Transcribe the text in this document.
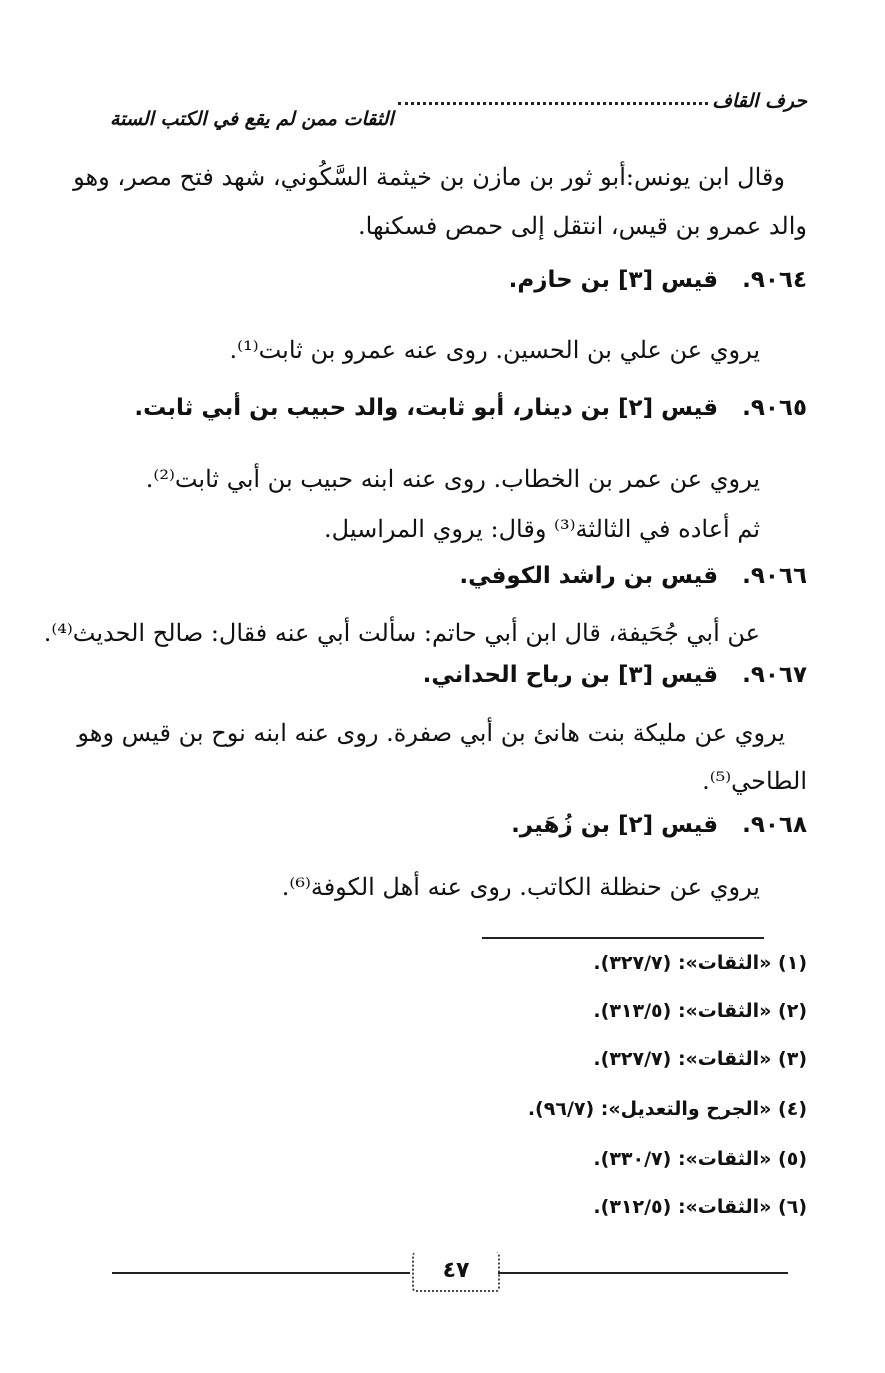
حرف القاف
الثقات ممن لم يقع في الكتب الستة
وقال ابن يونس:أبو ثور بن مازن بن خيثمة السَّكُوني، شهد فتح مصر، وهو
والد عمرو بن قيس، انتقل إلى حمص فسكنها.
٩٠٦٤. قيس [٣] بن حازم.
يروي عن علي بن الحسين. روى عنه عمرو بن ثابت⁽¹⁾.
٩٠٦٥. قيس [٢] بن دينار، أبو ثابت، والد حبيب بن أبي ثابت.
يروي عن عمر بن الخطاب. روى عنه ابنه حبيب بن أبي ثابت⁽²⁾.
ثم أعاده في الثالثة⁽³⁾ وقال: يروي المراسيل.
٩٠٦٦. قيس بن راشد الكوفي.
عن أبي جُحَيفة، قال ابن أبي حاتم: سألت أبي عنه فقال: صالح الحديث⁽⁴⁾.
٩٠٦٧. قيس [٣] بن رباح الحداني.
يروي عن مليكة بنت هانئ بن أبي صفرة. روى عنه ابنه نوح بن قيس وهو
الطاحي⁽⁵⁾.
٩٠٦٨. قيس [٢] بن زُهَير.
يروي عن حنظلة الكاتب. روى عنه أهل الكوفة⁽⁶⁾.
(١) «الثقات»: (٣٢٧/٧).
(٢) «الثقات»: (٣١٣/٥).
(٣) «الثقات»: (٣٢٧/٧).
(٤) «الجرح والتعديل»: (٩٦/٧).
(٥) «الثقات»: (٣٣٠/٧).
(٦) «الثقات»: (٣١٢/٥).
٤٧
